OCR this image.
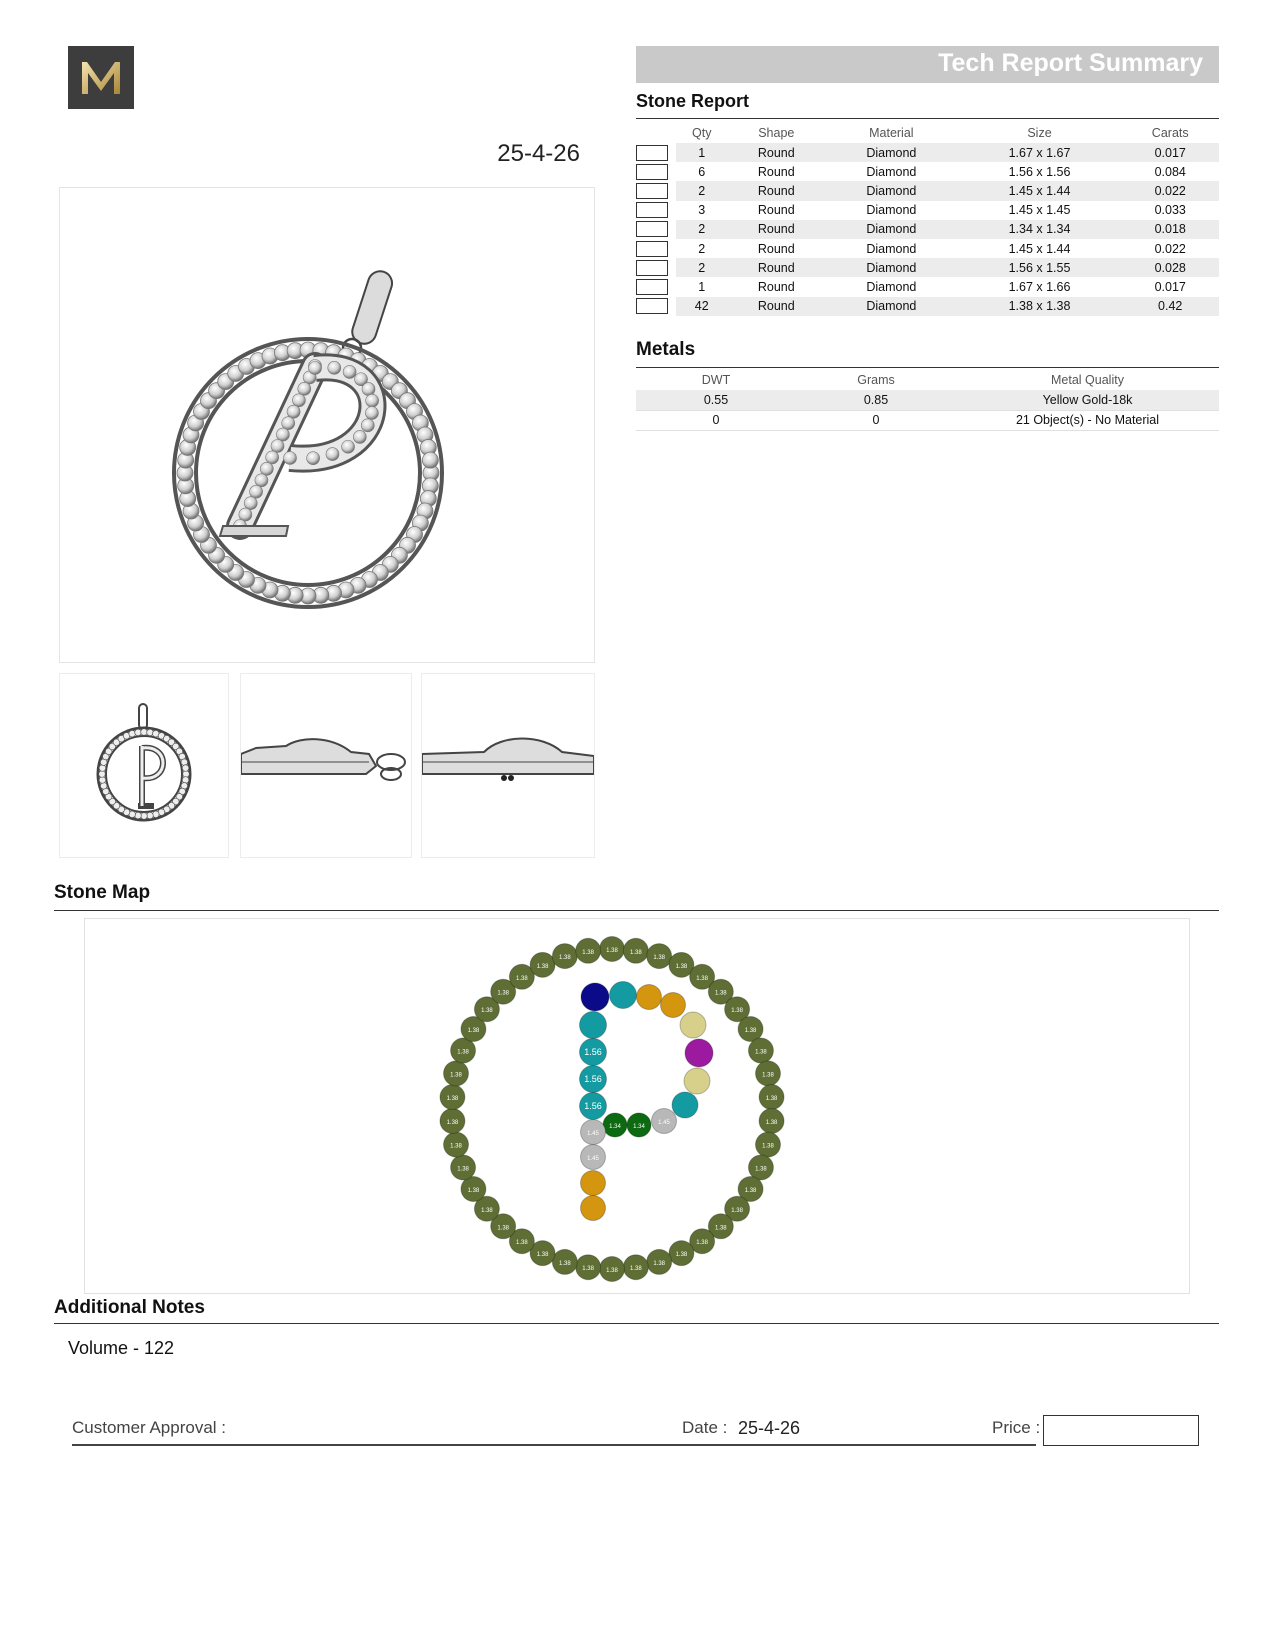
25-4-26
Tech Report Summary
Stone Report
	Qty	Shape	Material	Size	Carats
	1	Round	Diamond	1.67 x 1.67	0.017
	6	Round	Diamond	1.56 x 1.56	0.084
	2	Round	Diamond	1.45 x 1.44	0.022
	3	Round	Diamond	1.45 x 1.45	0.033
	2	Round	Diamond	1.34 x 1.34	0.018
	2	Round	Diamond	1.45 x 1.44	0.022
	2	Round	Diamond	1.56 x 1.55	0.028
	1	Round	Diamond	1.67 x 1.66	0.017
	42	Round	Diamond	1.38 x 1.38	0.42
Metals
DWT	Grams	Metal Quality
0.55	0.85	Yellow Gold-18k
0	0	21 Object(s) - No Material
Stone Map
1.38 1.38
1.38
1.38
1.38
1.38
1.38
1.38
1.38
1.38
1.38
1.38
1.38
1.38
1.38
1.38
1.38
1.38
1.38
1.38
1.38
1.38
1.38
1.38
1.38
1.38
1.38
1.38
1.38
1.38
1.38
1.38
1.38
1.38
1.38
1.38
1.38
1.38
1.38
1.38
1.38
1.38
1.45
1.34
1.34
1.56
1.56
1.56
1.45
1.45
Additional Notes
Volume - 122
Customer Approval :	Date : 25-4-26	Price :
